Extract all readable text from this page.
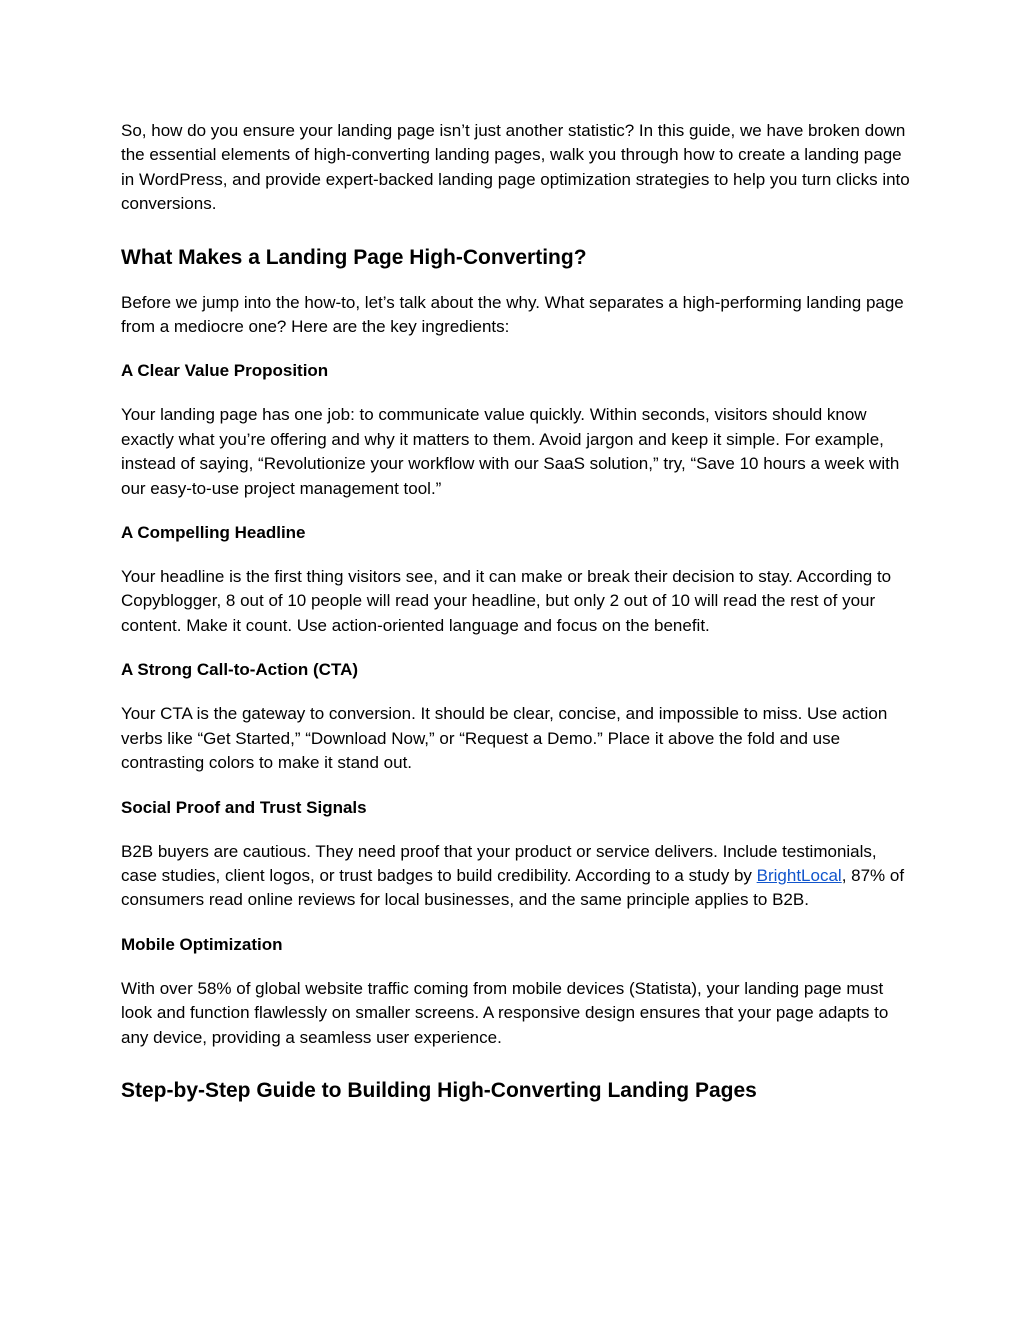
So, how do you ensure your landing page isn’t just another statistic? In this guide, we have broken down the essential elements of high-converting landing pages, walk you through how to create a landing page in WordPress, and provide expert-backed landing page optimization strategies to help you turn clicks into conversions.

What Makes a Landing Page High-Converting?

Before we jump into the how-to, let’s talk about the why. What separates a high-performing landing page from a mediocre one? Here are the key ingredients:

A Clear Value Proposition

Your landing page has one job: to communicate value quickly. Within seconds, visitors should know exactly what you’re offering and why it matters to them. Avoid jargon and keep it simple. For example, instead of saying, “Revolutionize your workflow with our SaaS solution,” try, “Save 10 hours a week with our easy-to-use project management tool.”

A Compelling Headline

Your headline is the first thing visitors see, and it can make or break their decision to stay. According to Copyblogger, 8 out of 10 people will read your headline, but only 2 out of 10 will read the rest of your content. Make it count. Use action-oriented language and focus on the benefit.

A Strong Call-to-Action (CTA)

Your CTA is the gateway to conversion. It should be clear, concise, and impossible to miss. Use action verbs like “Get Started,” “Download Now,” or “Request a Demo.” Place it above the fold and use contrasting colors to make it stand out.

Social Proof and Trust Signals

B2B buyers are cautious. They need proof that your product or service delivers. Include testimonials, case studies, client logos, or trust badges to build credibility. According to a study by BrightLocal, 87% of consumers read online reviews for local businesses, and the same principle applies to B2B.

Mobile Optimization

With over 58% of global website traffic coming from mobile devices (Statista), your landing page must look and function flawlessly on smaller screens. A responsive design ensures that your page adapts to any device, providing a seamless user experience.

Step-by-Step Guide to Building High-Converting Landing Pages
